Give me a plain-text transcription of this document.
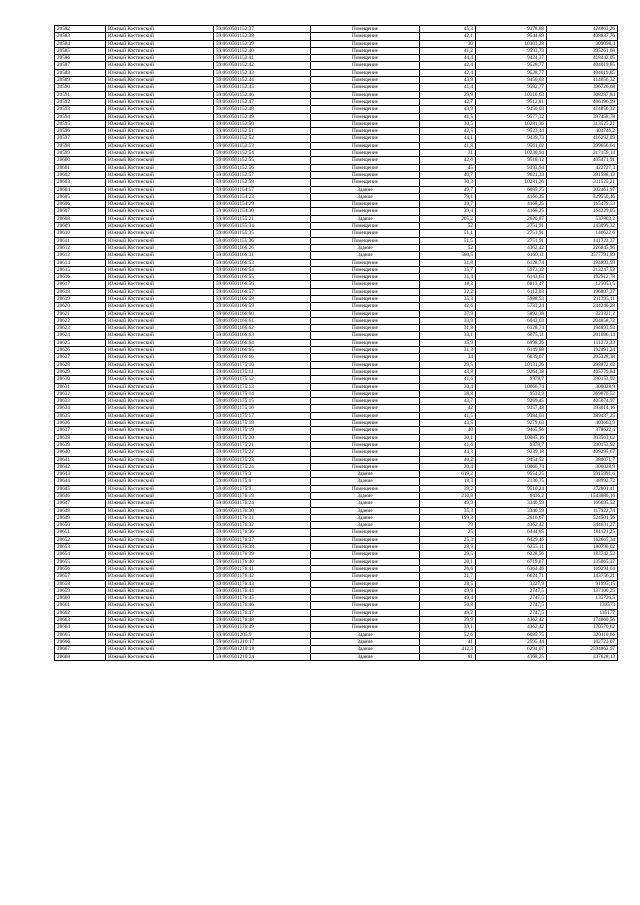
20582	Южный Костинский	59:06:0501152:37	Помещение	45,3	9378,88	424863,26
20583	Южный Костинский	59:06:0501152:38	Помещение	42,1	9544,89	408837,76
20584	Южный Костинский	59:06:0501152:39	Помещение	30	10303,28	309098,4
20585	Южный Костинский	59:06:0501152:40	Помещение	41,2	9593,73	395261,68
20586	Южный Костинский	59:06:0501152:41	Помещение	44,4	9424,37	418442,05
20587	Южный Костинский	59:06:0501152:42	Помещение	42,4	9528,77	404019,85
20588	Южный Костинский	59:06:0501152:43	Помещение	42,4	9528,77	404019,85
20589	Южный Костинский	59:06:0501152:44	Помещение	43,9	9450,03	414856,32
20590	Южный Костинский	59:06:0501152:45	Помещение	41,4	9582,77	396726,68
20591	Южный Костинский	59:06:0501152:46	Помещение	29,9	10310,63	308287,84
20592	Южный Костинский	59:06:0501152:47	Помещение	42,7	9512,81	406196,99
20593	Южный Костинский	59:06:0501152:48	Помещение	43,9	9450,03	414856,32
20594	Южный Костинский	59:06:0501152:49	Помещение	41,5	9577,32	397458,78
20595	Южный Костинский	59:06:0501152:50	Помещение	30,5	10281,36	313525,21
20596	Южный Костинский	59:06:0501152:51	Помещение	42,5	9523,44	404746,2
20597	Южный Костинский	59:06:0501152:52	Помещение	44,1	9439,73	416292,09
20598	Южный Костинский	59:06:0501152:53	Помещение	41,8	9561,02	399650,64
20599	Южный Костинский	59:06:0501152:54	Помещение	31	10230,94	317159,14
20600	Южный Костинский	59:06:0501152:55	Помещение	42,6	9518,12	405471,91
20601	Южный Костинский	59:06:0501152:56	Помещение	45	9393,94	422727,3
20602	Южный Костинский	59:06:0501152:57	Помещение	40,7	9621,33	391588,13
20603	Южный Костинский	59:06:0501152:58	Помещение	30,3	10281,36	311525,21
20604	Южный Костинский	59:06:0501154:17	Здание	49,7	6085,75	302461,97
20605	Южный Костинский	59:06:0501154:23	Здание	79,1	4166,25	329550,46
20606	Южный Костинский	59:06:0501154:29	Помещение	39,7	4168,25	165479,53
20607	Южный Костинский	59:06:0501154:30	Помещение	39,4	4168,25	164229,05
20608	Южный Костинский	59:06:0501155:21	Здание	205,2	2620,87	537803,2
20609	Южный Костинский	59:06:0501155:34	Помещение	52	2751,91	143099,32
20610	Южный Костинский	59:06:0501155:35	Помещение	51,1	2751,91	140622,6
20611	Южный Костинский	59:06:0501155:36	Помещение	51,5	2751,91	141723,37
20612	Южный Костинский	59:06:0501166:26	Здание	52	4362,42	226845,96
20613	Южный Костинский	59:06:0501166:31	Здание	580,5	6160,11	3577791,89
20614	Южный Костинский	59:06:0501166:53	Помещение	31,8	6128,74	194893,93
20615	Южный Костинский	59:06:0501166:54	Помещение	35,7	5973,32	213247,52
20616	Южный Костинский	59:06:0501166:55	Помещение	31,4	6143,63	192912,78
20617	Южный Костинский	59:06:0501166:56	Помещение	18,3	6813,47	125053,5
20618	Южный Костинский	59:06:0501166:57	Помещение	32,2	6112,03	196807,37
20619	Южный Костинский	59:06:0501166:58	Помещение	35,3	5988,53	211395,11
20620	Южный Костинский	59:06:0501166:59	Помещение	42,6	5733,24	244240,28
20621	Южный Костинский	59:06:0501166:60	Помещение	37,9	5892,38	223321,2
20622	Южный Костинский	59:06:0501166:61	Помещение	33,9	6043,03	204858,72
20623	Южный Костинский	59:06:0501166:62	Помещение	31,8	6128,74	194893,93
20624	Южный Костинский	59:06:0501166:63	Помещение	33,1	6075,11	201086,14
20625	Южный Костинский	59:06:0501166:64	Помещение	15,9	6998,26	111272,33
20626	Южный Костинский	59:06:0501166:65	Помещение	31,3	6149,88	192491,24
20627	Южный Костинский	59:06:0501166:66	Помещение	34	6039,07	205328,38
20628	Южный Костинский	59:06:0501175:10	Помещение	29,5	10131,26	298872,02
20629	Южный Костинский	59:06:0501175:11	Помещение	43,8	9264,38	405779,84
20630	Южный Костинский	59:06:0501175:12	Помещение	41,6	9378,7	390153,92
20631	Южный Костинский	59:06:0501175:13	Помещение	30,4	10066,74	306028,9
20632	Южный Костинский	59:06:0501175:14	Помещение	38,8	9532,9	369876,52
20633	Южный Костинский	59:06:0501175:15	Помещение	43,7	9269,45	405074,97
20634	Южный Костинский	59:06:0501175:16	Помещение	42	9357,48	393014,16
20635	Южный Костинский	59:06:0501175:17	Помещение	41,5	9384,03	389437,25
20636	Южный Костинский	59:06:0501175:18	Помещение	43,5	9279,63	403663,9
20637	Южный Костинский	59:06:0501175:19	Помещение	40	9465,56	378622,4
20638	Южный Костинский	59:06:0501175:20	Помещение	30,1	10085,16	303563,62
20639	Южный Костинский	59:06:0501175:21	Помещение	41,6	9378,7	390153,92
20640	Южный Костинский	59:06:0501175:22	Помещение	44,3	9239,18	409295,67
20641	Южный Костинский	59:06:0501175:23	Помещение	40,2	9454,52	380071,7
20642	Южный Костинский	59:06:0501175:24	Помещение	30,4	10066,74	306028,9
20643	Южный Костинский	59:06:0501175:3	Здание	619,2	9554,25	5915991,6
20644	Южный Костинский	59:06:0501175:6	Здание	18,3	2130,75	38992,72
20645	Южный Костинский	59:06:0501175:9	Помещение	39,2	9510,24	372801,41
20646	Южный Костинский	59:06:0501176:19	Здание	210,8	6436,2	1543880,16
20647	Южный Костинский	59:06:0501176:24	Здание	49,9	3340,59	166695,52
20648	Южный Костинский	59:06:0501176:30	Здание	35,3	3340,59	117922,74
20649	Южный Костинский	59:06:0501176:31	Здание	199,3	2616,67	524501,56
20650	Южный Костинский	59:06:0501176:32	Здание	79	4362,42	344631,37
20651	Южный Костинский	59:06:0501176:36	Помещение	25	6444,85	161121,25
20652	Южный Костинский	59:06:0501176:37	Помещение	25,3	6429,46	162665,34
20653	Южный Костинский	59:06:0501176:38	Помещение	28,9	6255,11	180790,02
20654	Южный Костинский	59:06:0501176:39	Помещение	29,5	6228,56	183742,52
20655	Южный Костинский	59:06:0501176:40	Помещение	20,1	6719,67	135065,37
20656	Южный Костинский	59:06:0501176:41	Помещение	26,6	6364,46	169294,64
20657	Южный Костинский	59:06:0501176:42	Помещение	21,7	6624,71	143756,21
20658	Южный Костинский	59:06:0501176:43	Помещение	28,5	3227,9	91995,15
20659	Южный Костинский	59:06:0501176:44	Помещение	49,9	2747,5	137100,25
20660	Южный Костинский	59:06:0501176:45	Помещение	49,4	2747,5	135726,5
20661	Южный Костинский	59:06:0501176:46	Помещение	50,8	2747,5	139573
20662	Южный Костинский	59:06:0501176:47	Помещение	49,2	2747,5	135177
20663	Южный Костинский	59:06:0501176:48	Помещение	39,9	4362,42	174060,56
20664	Южный Костинский	59:06:0501176:49	Помещение	39,1	4362,42	170570,62
20665	Южный Костинский	59:06:0501205:9	Здание	52,6	6085,75	320110,66
20666	Южный Костинский	59:06:0501210:17	Здание	41	2595,44	102723,07
20667	Южный Костинский	59:06:0501210:18	Здание	412,3	6294,67	2594862,97
20668	Южный Костинский	59:06:0501210:24	Здание	81	4168,25	337628,13
